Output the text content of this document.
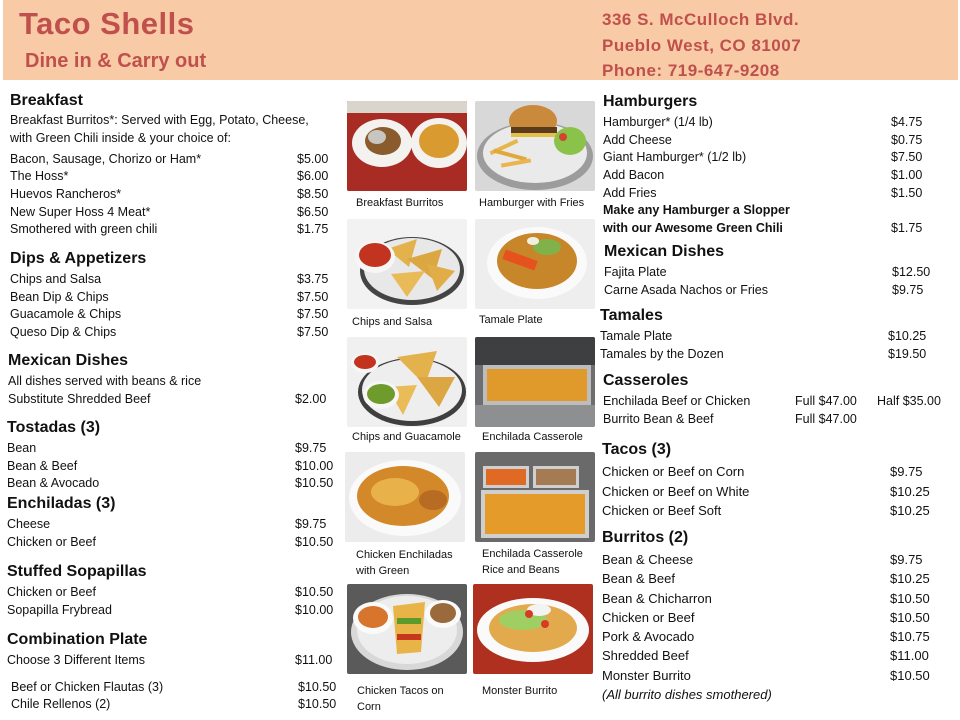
Taco Shells
Dine in & Carry out
336 S. McCulloch Blvd.
Pueblo West, CO 81007
Phone: 719-647-9208
Breakfast
Breakfast Burritos*: Served with Egg, Potato, Cheese,
with Green Chili inside & your choice of:
Bacon, Sausage, Chorizo or Ham*	$5.00
The Hoss*	$6.00
Huevos Rancheros*	$8.50
New Super Hoss 4 Meat*	$6.50
Smothered with green chili	$1.75
Dips & Appetizers
Chips and Salsa	$3.75
Bean Dip & Chips	$7.50
Guacamole & Chips	$7.50
Queso Dip & Chips	$7.50
Mexican Dishes
All dishes served with beans & rice
Substitute Shredded Beef	$2.00
Tostadas (3)
Bean	$9.75
Bean & Beef	$10.00
Bean & Avocado	$10.50
Enchiladas (3)
Cheese	$9.75
Chicken or Beef	$10.50
Stuffed Sopapillas
Chicken or Beef	$10.50
Sopapilla Frybread	$10.00
Combination Plate
Choose 3 Different Items	$11.00
Beef or Chicken Flautas (3)	$10.50
Chile Rellenos (2)	$10.50
Breakfast Burritos	Hamburger with Fries
Chips and Salsa	Tamale Plate
Chips and Guacamole Enchilada Casserole
Chicken Enchiladas
with Green
Enchilada Casserole
Rice and Beans
Chicken Tacos on
Corn
Monster Burrito
Hamburgers
Hamburger* (1/4 lb)	$4.75
Add Cheese	$0.75
Giant Hamburger* (1/2 lb)	$7.50
Add Bacon	$1.00
Add Fries	$1.50
Make any Hamburger a Slopper
with our Awesome Green Chili	$1.75
Mexican Dishes
Fajita Plate	$12.50
Carne Asada Nachos or Fries	$9.75
Tamales
Tamale Plate	$10.25
Tamales by the Dozen	$19.50
Casseroles
Enchilada Beef or Chicken	Full $47.00 Half $35.00
Burrito Bean & Beef	Full $47.00
Tacos (3)
Chicken or Beef on Corn	$9.75
Chicken or Beef on White	$10.25
Chicken or Beef Soft	$10.25
Burritos (2)
Bean & Cheese	$9.75
Bean & Beef	$10.25
Bean & Chicharron	$10.50
Chicken or Beef	$10.50
Pork & Avocado	$10.75
Shredded Beef	$11.00
Monster Burrito	$10.50
(All burrito dishes smothered)
